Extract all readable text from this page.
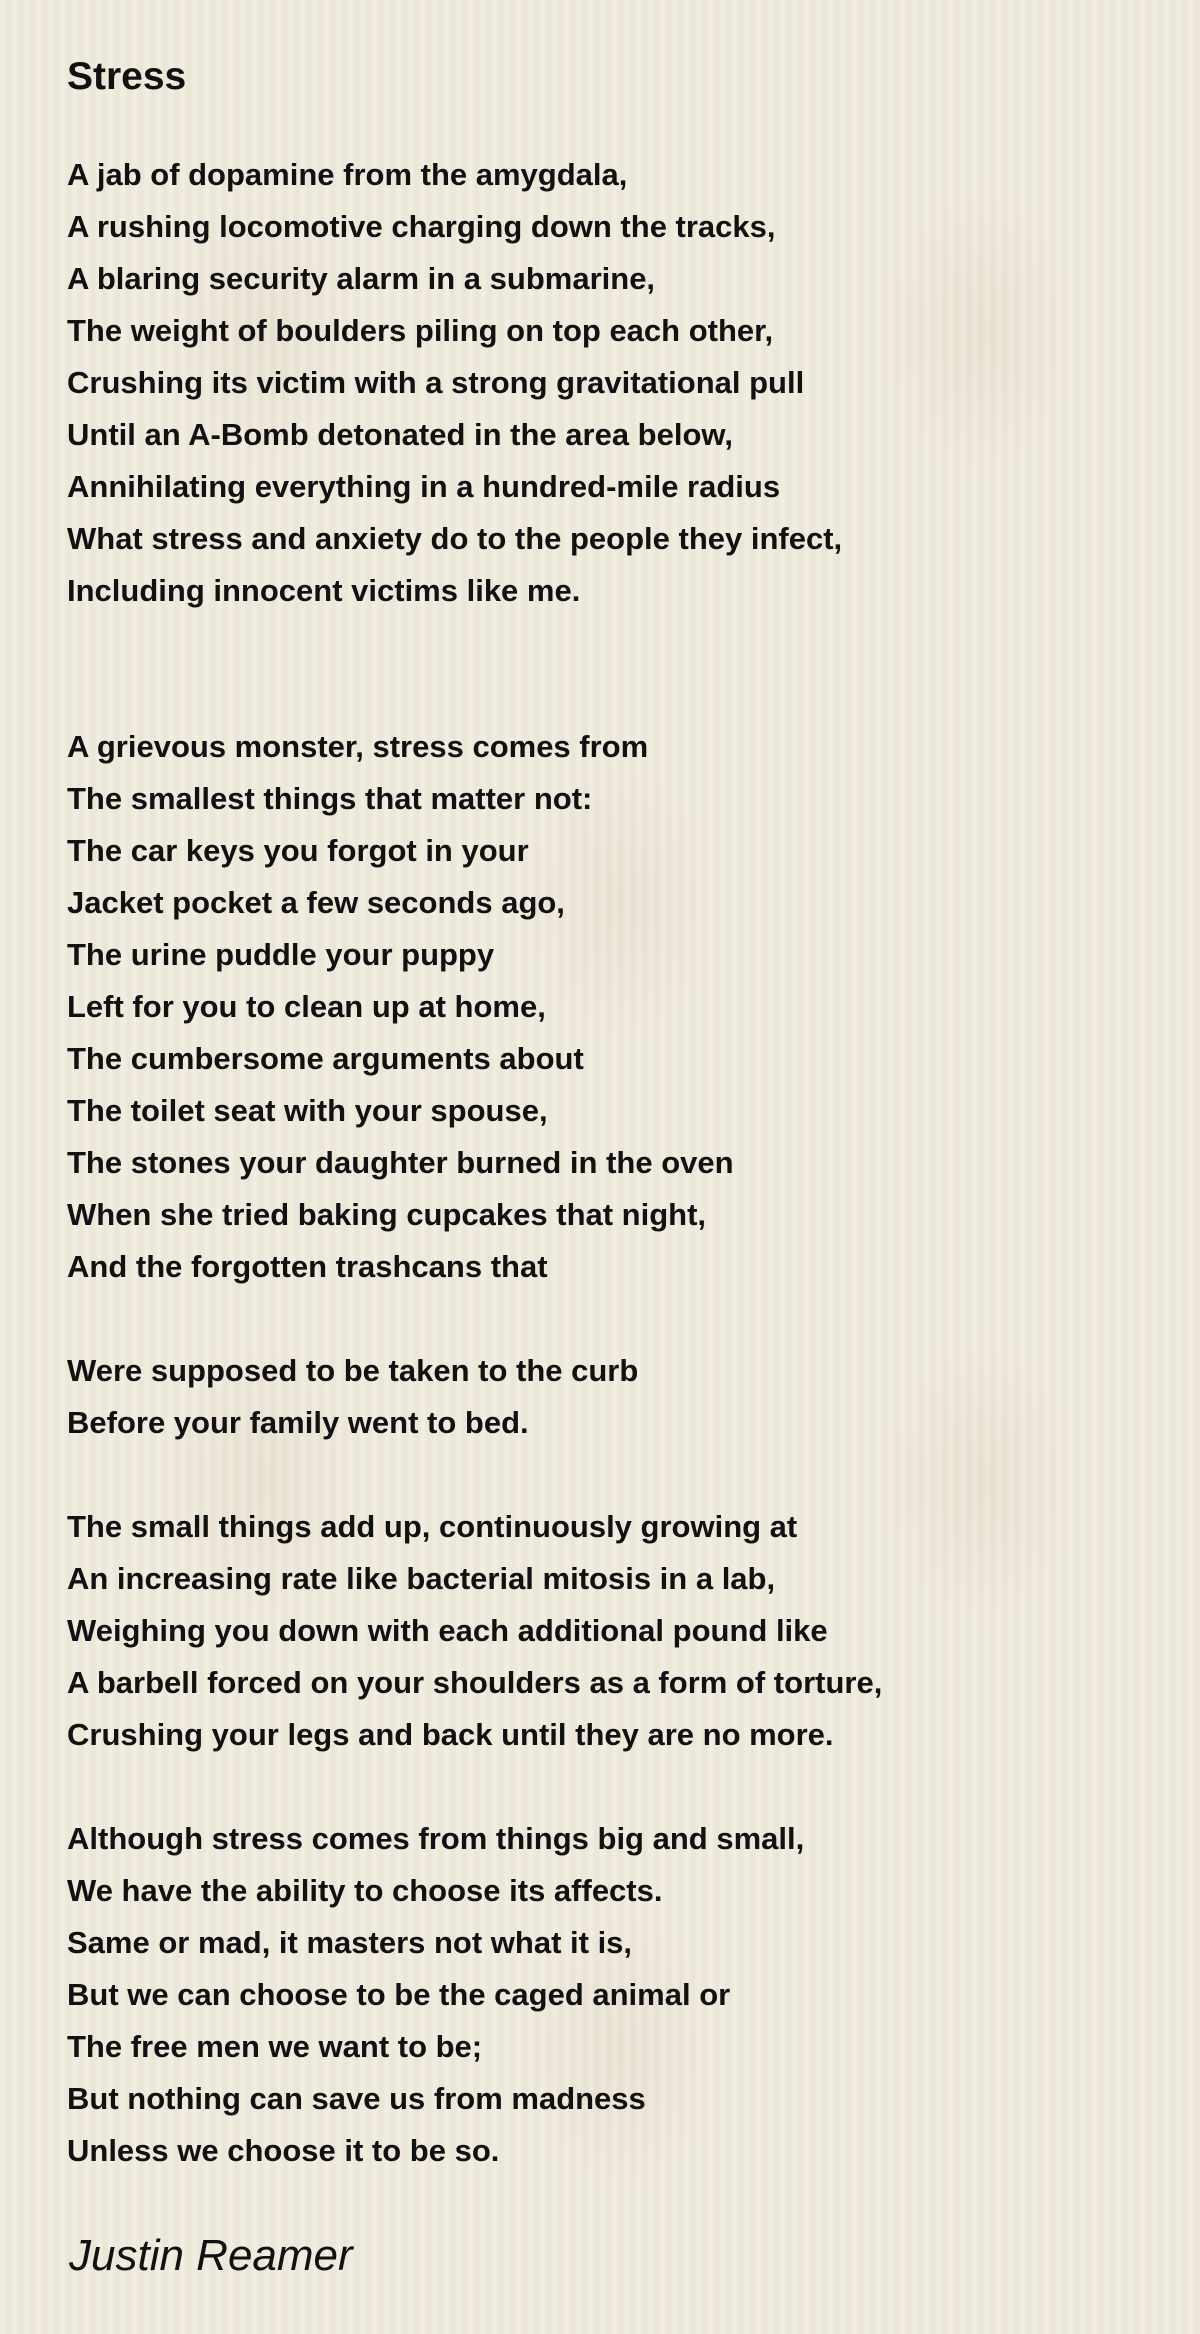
Stress
A jab of dopamine from the amygdala,
A rushing locomotive charging down the tracks,
A blaring security alarm in a submarine,
The weight of boulders piling on top each other,
Crushing its victim with a strong gravitational pull
Until an A-Bomb detonated in the area below,
Annihilating everything in a hundred-mile radius
What stress and anxiety do to the people they infect,
Including innocent victims like me.
A grievous monster, stress comes from
The smallest things that matter not:
The car keys you forgot in your
Jacket pocket a few seconds ago,
The urine puddle your puppy
Left for you to clean up at home,
The cumbersome arguments about
The toilet seat with your spouse,
The stones your daughter burned in the oven
When she tried baking cupcakes that night,
And the forgotten trashcans that
Were supposed to be taken to the curb
Before your family went to bed.
The small things add up, continuously growing at
An increasing rate like bacterial mitosis in a lab,
Weighing you down with each additional pound like
A barbell forced on your shoulders as a form of torture,
Crushing your legs and back until they are no more.
Although stress comes from things big and small,
We have the ability to choose its affects.
Same or mad, it masters not what it is,
But we can choose to be the caged animal or
The free men we want to be;
But nothing can save us from madness
Unless we choose it to be so.

Justin Reamer
